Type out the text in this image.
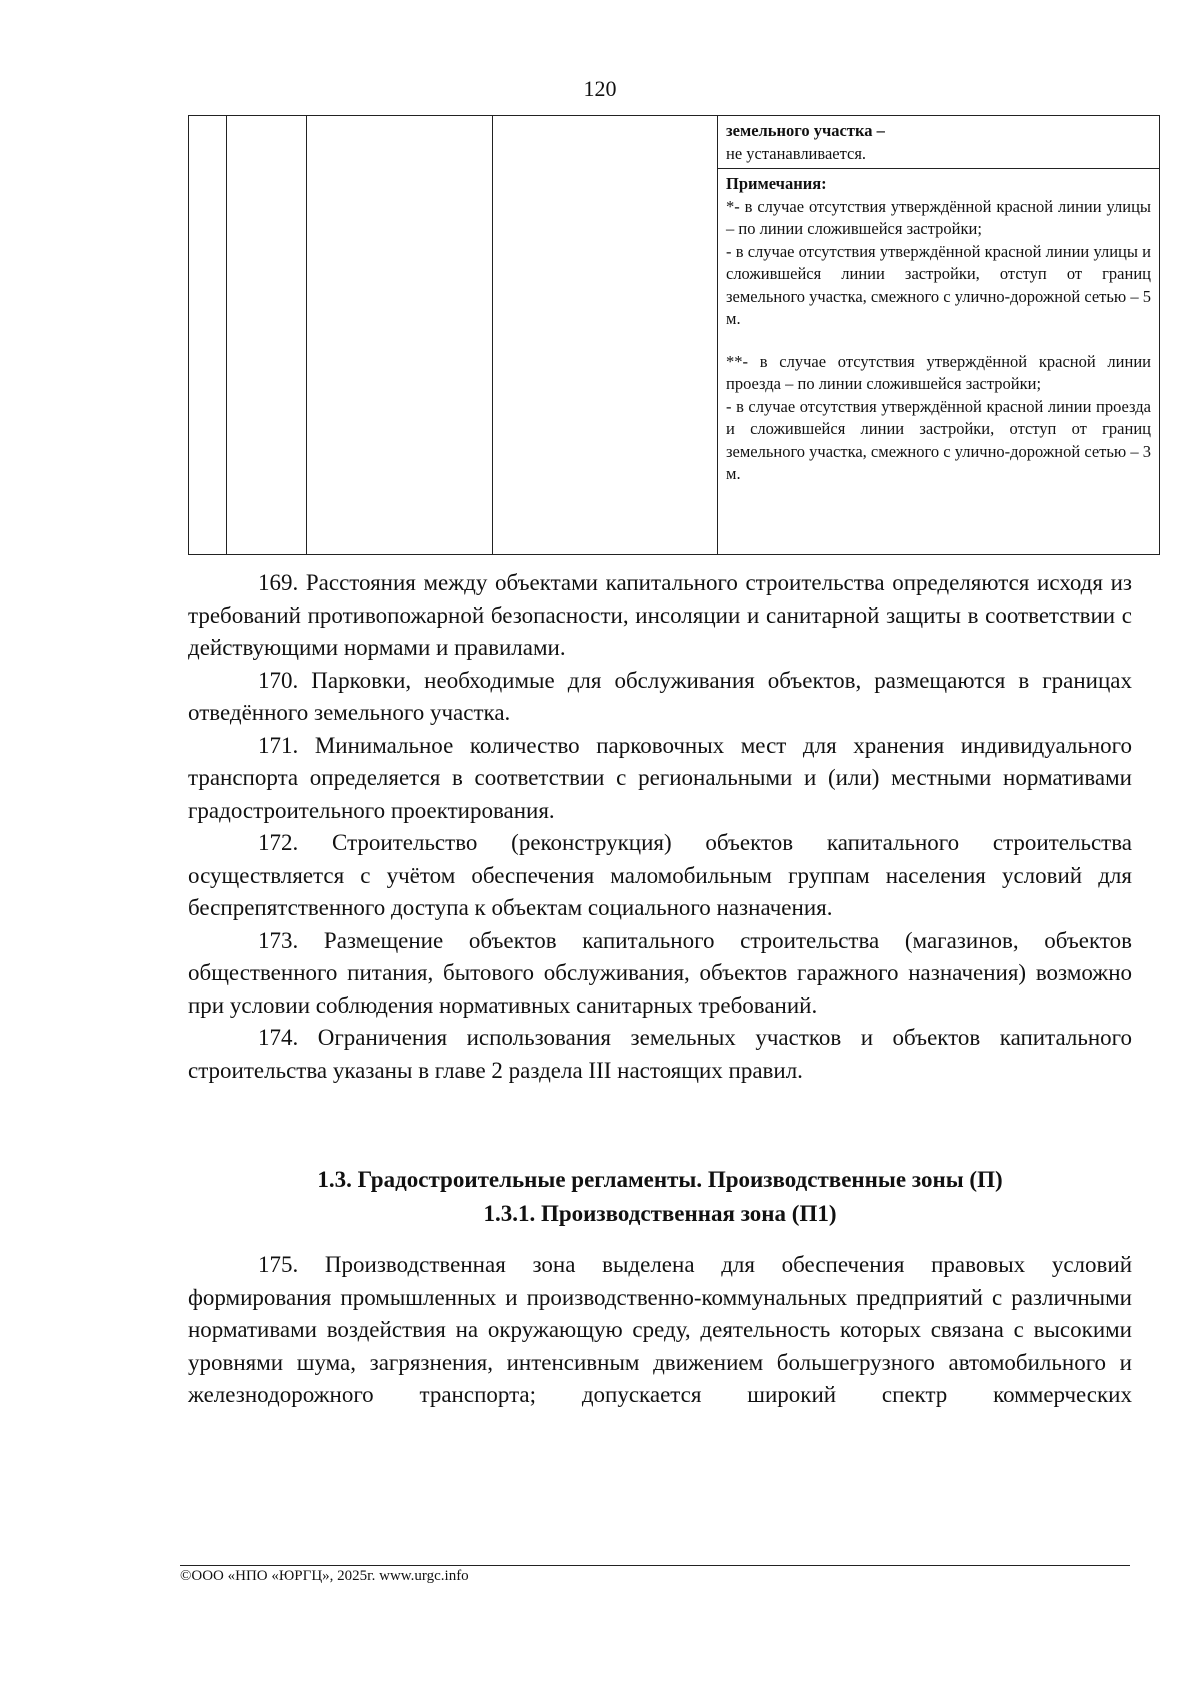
120

земельного участка –
не устанавливается.

Примечания:
*- в случае отсутствия утверждённой красной линии улицы – по линии сложившейся застройки;
- в случае отсутствия утверждённой красной линии улицы и сложившейся линии застройки, отступ от границ земельного участка, смежного с улично-дорожной сетью – 5 м.
**- в случае отсутствия утверждённой красной линии проезда – по линии сложившейся застройки;
- в случае отсутствия утверждённой красной линии проезда и сложившейся линии застройки, отступ от границ земельного участка, смежного с улично-дорожной сетью – 3 м.

169. Расстояния между объектами капитального строительства определяются исходя из требований противопожарной безопасности, инсоляции и санитарной защиты в соответствии с действующими нормами и правилами.

170. Парковки, необходимые для обслуживания объектов, размещаются в границах отведённого земельного участка.

171. Минимальное количество парковочных мест для хранения индивидуального транспорта определяется в соответствии с региональными и (или) местными нормативами градостроительного проектирования.

172. Строительство (реконструкция) объектов капитального строительства осуществляется с учётом обеспечения маломобильным группам населения условий для беспрепятственного доступа к объектам социального назначения.

173. Размещение объектов капитального строительства (магазинов, объектов общественного питания, бытового обслуживания, объектов гаражного назначения) возможно при условии соблюдения нормативных санитарных требований.

174. Ограничения использования земельных участков и объектов капитального строительства указаны в главе 2 раздела III настоящих правил.

1.3. Градостроительные регламенты. Производственные зоны (П)

1.3.1. Производственная зона (П1)

175. Производственная зона выделена для обеспечения правовых условий формирования промышленных и производственно-коммунальных предприятий с различными нормативами воздействия на окружающую среду, деятельность которых связана с высокими уровнями шума, загрязнения, интенсивным движением большегрузного автомобильного и железнодорожного транспорта; допускается широкий спектр коммерческих

©ООО «НПО «ЮРГЦ», 2025г. www.urgc.info
